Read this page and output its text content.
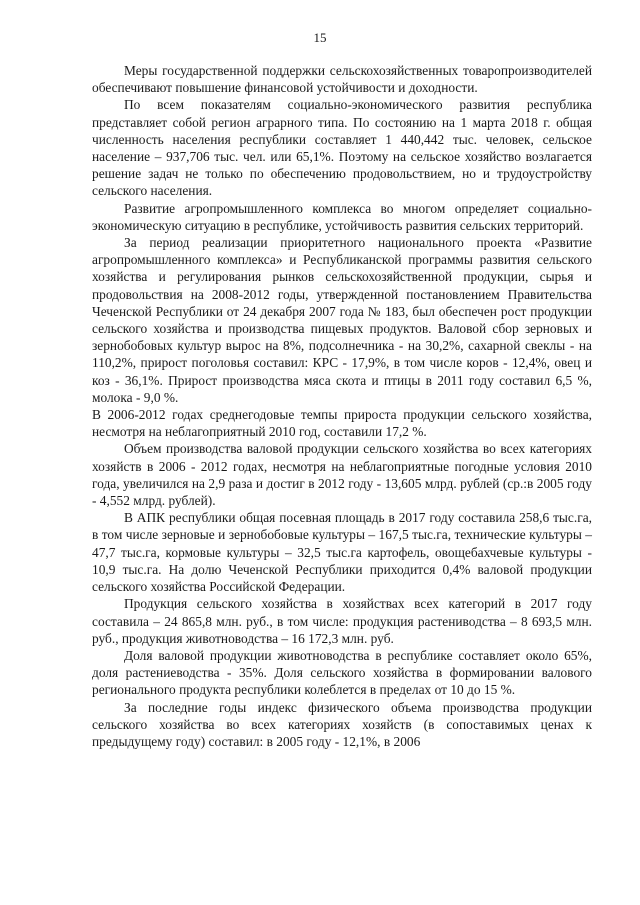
15

Меры государственной поддержки сельскохозяйственных товаропроизводителей обеспечивают повышение финансовой устойчивости и доходности.

По всем показателям социально-экономического развития республика представляет собой регион аграрного типа. По состоянию на 1 марта 2018 г. общая численность населения республики составляет 1 440,442 тыс. человек, сельское население – 937,706 тыс. чел. или 65,1%. Поэтому на сельское хозяйство возлагается решение задач не только по обеспечению продовольствием, но и трудоустройству сельского населения.

Развитие агропромышленного комплекса во многом определяет социально-экономическую ситуацию в республике, устойчивость развития сельских территорий.

За период реализации приоритетного национального проекта «Развитие агропромышленного комплекса» и Республиканской программы развития сельского хозяйства и регулирования рынков сельскохозяйственной продукции, сырья и продовольствия на 2008-2012 годы, утвержденной постановлением Правительства Чеченской Республики от 24 декабря 2007 года № 183, был обеспечен рост продукции сельского хозяйства и производства пищевых продуктов. Валовой сбор зерновых и зернобобовых культур вырос на 8%, подсолнечника - на 30,2%, сахарной свеклы - на 110,2%, прирост поголовья составил: КРС - 17,9%, в том числе коров - 12,4%, овец и коз - 36,1%. Прирост производства мяса скота и птицы в 2011 году составил 6,5 %, молока - 9,0 %.

В 2006-2012 годах среднегодовые темпы прироста продукции сельского хозяйства, несмотря на неблагоприятный 2010 год, составили 17,2 %.

Объем производства валовой продукции сельского хозяйства во всех категориях хозяйств в 2006 - 2012 годах, несмотря на неблагоприятные погодные условия 2010 года, увеличился на 2,9 раза и достиг в 2012 году - 13,605 млрд. рублей (ср.:в 2005 году - 4,552 млрд. рублей).

В АПК республики общая посевная площадь в 2017 году составила 258,6 тыс.га, в том числе зерновые и зернобобовые культуры – 167,5 тыс.га, технические культуры – 47,7 тыс.га, кормовые культуры – 32,5 тыс.га картофель, овощебахчевые культуры - 10,9 тыс.га. На долю Чеченской Республики приходится 0,4% валовой продукции сельского хозяйства Российской Федерации.

Продукция сельского хозяйства в хозяйствах всех категорий в 2017 году составила – 24 865,8 млн. руб., в том числе: продукция растениводства – 8 693,5 млн. руб., продукция животноводства – 16 172,3 млн. руб.

Доля валовой продукции животноводства в республике составляет около 65%, доля растениеводства - 35%. Доля сельского хозяйства в формировании валового регионального продукта республики колеблется в пределах от 10 до 15 %.

За последние годы индекс физического объема производства продукции сельского хозяйства во всех категориях хозяйств (в сопоставимых ценах к предыдущему году) составил: в 2005 году - 12,1%, в 2006
